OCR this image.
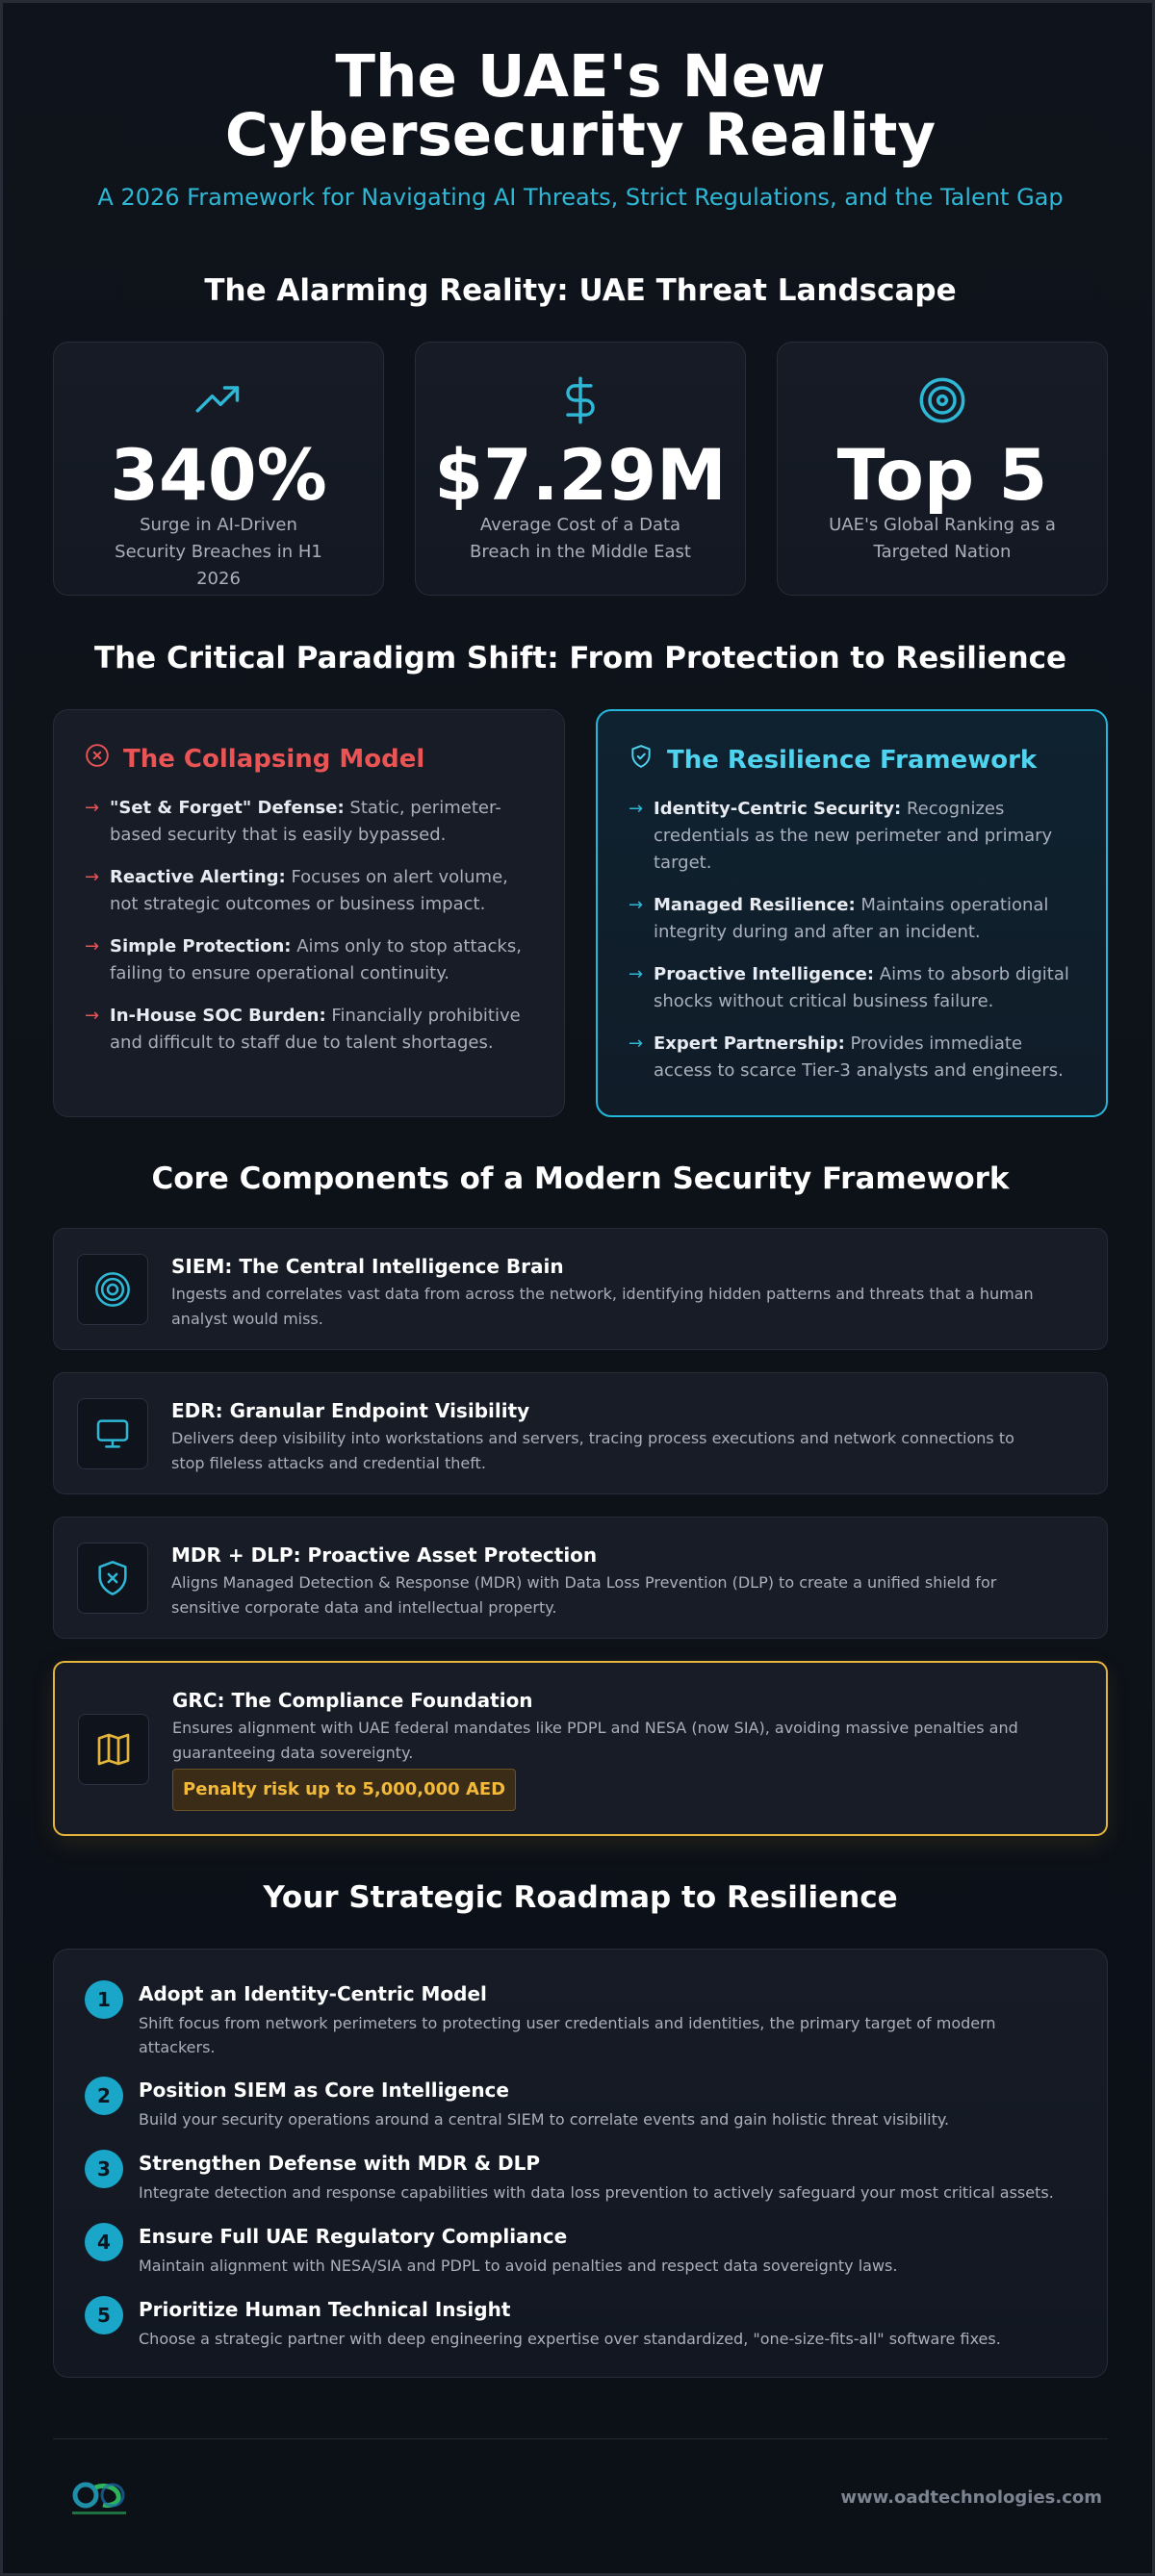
The UAE's New Cybersecurity Reality
A 2026 Framework for Navigating AI Threats, Strict Regulations, and the Talent Gap
The Alarming Reality: UAE Threat Landscape
340%
Surge in AI-Driven Security Breaches in H1 2026
$7.29M
Average Cost of a Data Breach in the Middle East
Top 5
UAE's Global Ranking as a Targeted Nation
The Critical Paradigm Shift: From Protection to Resilience
The Collapsing Model
→ "Set & Forget" Defense: Static, perimeter-based security that is easily bypassed.
→ Reactive Alerting: Focuses on alert volume, not strategic outcomes or business impact.
→ Simple Protection: Aims only to stop attacks, failing to ensure operational continuity.
→ In-House SOC Burden: Financially prohibitive and difficult to staff due to talent shortages.
The Resilience Framework
→ Identity-Centric Security: Recognizes credentials as the new perimeter and primary target.
→ Managed Resilience: Maintains operational integrity during and after an incident.
→ Proactive Intelligence: Aims to absorb digital shocks without critical business failure.
→ Expert Partnership: Provides immediate access to scarce Tier-3 analysts and engineers.
Core Components of a Modern Security Framework
SIEM: The Central Intelligence Brain
Ingests and correlates vast data from across the network, identifying hidden patterns and threats that a human analyst would miss.
EDR: Granular Endpoint Visibility
Delivers deep visibility into workstations and servers, tracing process executions and network connections to stop fileless attacks and credential theft.
MDR + DLP: Proactive Asset Protection
Aligns Managed Detection & Response (MDR) with Data Loss Prevention (DLP) to create a unified shield for sensitive corporate data and intellectual property.
GRC: The Compliance Foundation
Ensures alignment with UAE federal mandates like PDPL and NESA (now SIA), avoiding massive penalties and guaranteeing data sovereignty.
Penalty risk up to 5,000,000 AED
Your Strategic Roadmap to Resilience
1	Adopt an Identity-Centric Model
Shift focus from network perimeters to protecting user credentials and identities, the primary target of modern attackers.
2	Position SIEM as Core Intelligence
Build your security operations around a central SIEM to correlate events and gain holistic threat visibility.
3	Strengthen Defense with MDR & DLP
Integrate detection and response capabilities with data loss prevention to actively safeguard your most critical assets.
4	Ensure Full UAE Regulatory Compliance
Maintain alignment with NESA/SIA and PDPL to avoid penalties and respect data sovereignty laws.
5	Prioritize Human Technical Insight
Choose a strategic partner with deep engineering expertise over standardized, "one-size-fits-all" software fixes.
www.oadtechnologies.com
